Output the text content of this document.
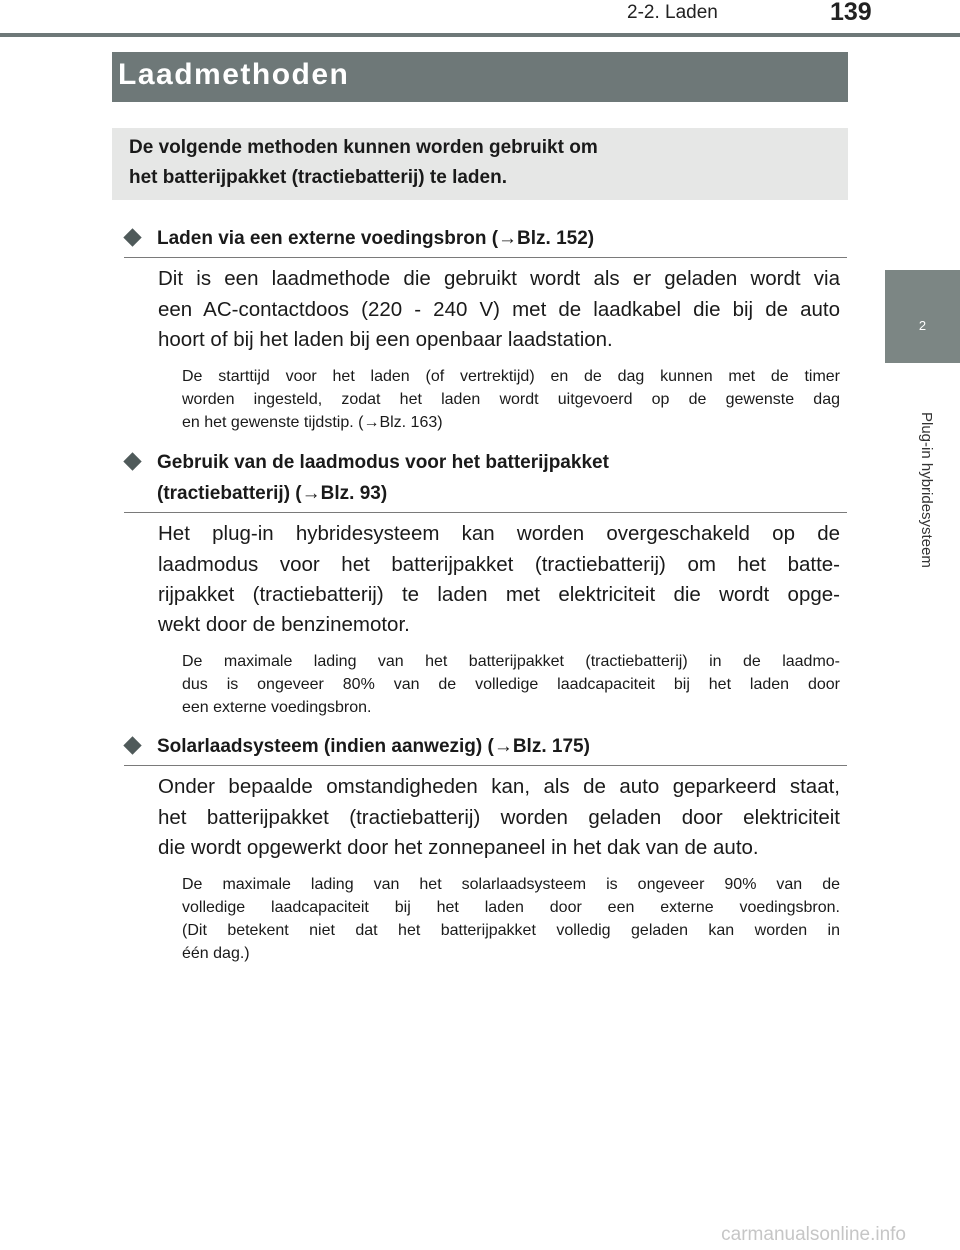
2-2. Laden	139
2
Plug-in hybridesysteem
Laadmethoden
De volgende methoden kunnen worden gebruikt om
het batterijpakket (tractiebatterij) te laden.
Laden via een externe voedingsbron (→Blz. 152)
Dit is een laadmethode die gebruikt wordt als er geladen wordt via
een AC-contactdoos (220 - 240 V) met de laadkabel die bij de auto
hoort of bij het laden bij een openbaar laadstation.
De starttijd voor het laden (of vertrektijd) en de dag kunnen met de timer
worden ingesteld, zodat het laden wordt uitgevoerd op de gewenste dag
en het gewenste tijdstip. (→Blz. 163)
Gebruik van de laadmodus voor het batterijpakket
(tractiebatterij) (→Blz. 93)
Het plug-in hybridesysteem kan worden overgeschakeld op de
laadmodus voor het batterijpakket (tractiebatterij) om het batte-
rijpakket (tractiebatterij) te laden met elektriciteit die wordt opge-
wekt door de benzinemotor.
De maximale lading van het batterijpakket (tractiebatterij) in de laadmo-
dus is ongeveer 80% van de volledige laadcapaciteit bij het laden door
een externe voedingsbron.
Solarlaadsysteem (indien aanwezig) (→Blz. 175)
Onder bepaalde omstandigheden kan, als de auto geparkeerd staat,
het batterijpakket (tractiebatterij) worden geladen door elektriciteit
die wordt opgewerkt door het zonnepaneel in het dak van de auto.
De maximale lading van het solarlaadsysteem is ongeveer 90% van de
volledige laadcapaciteit bij het laden door een externe voedingsbron.
(Dit betekent niet dat het batterijpakket volledig geladen kan worden in
één dag.)
carmanualsonline.info
